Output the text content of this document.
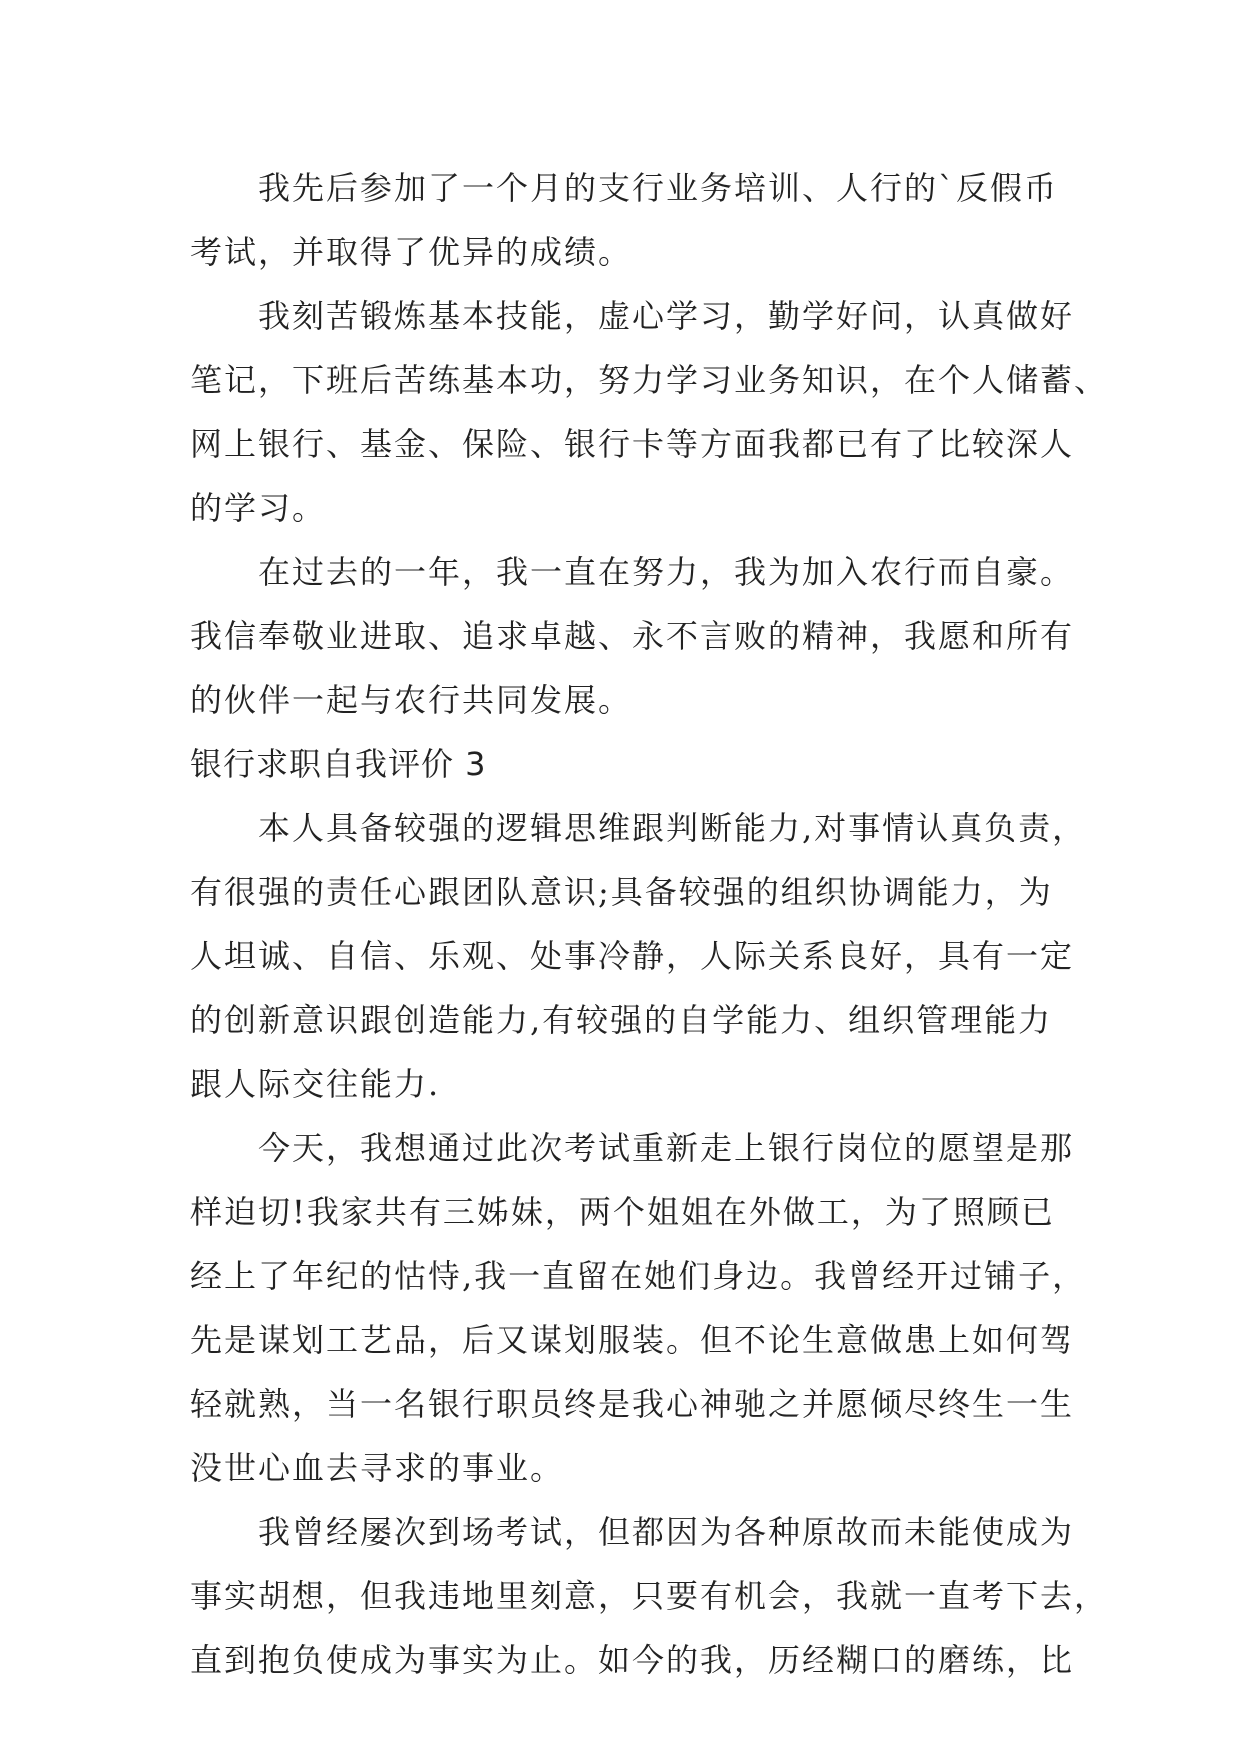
我先后参加了一个月的支行业务培训、人行的`反假币
考试，并取得了优异的成绩。
我刻苦锻炼基本技能，虚心学习，勤学好问，认真做好
笔记，下班后苦练基本功，努力学习业务知识，在个人储蓄、
网上银行、基金、保险、银行卡等方面我都已有了比较深人
的学习。
在过去的一年，我一直在努力，我为加入农行而自豪。
我信奉敬业进取、追求卓越、永不言败的精神，我愿和所有
的伙伴一起与农行共同发展。
银行求职自我评价 3
本人具备较强的逻辑思维跟判断能力,对事情认真负责，
有很强的责任心跟团队意识;具备较强的组织协调能力，为
人坦诚、自信、乐观、处事冷静，人际关系良好，具有一定
的创新意识跟创造能力,有较强的自学能力、组织管理能力
跟人际交往能力.
今天，我想通过此次考试重新走上银行岗位的愿望是那
样迫切!我家共有三姊妹，两个姐姐在外做工，为了照顾已
经上了年纪的怙恃,我一直留在她们身边。我曾经开过铺子，
先是谋划工艺品，后又谋划服装。但不论生意做患上如何驾
轻就熟，当一名银行职员终是我心神驰之并愿倾尽终生一生
没世心血去寻求的事业。
我曾经屡次到场考试，但都因为各种原故而未能使成为
事实胡想，但我违地里刻意，只要有机会，我就一直考下去，
直到抱负使成为事实为止。如今的我，历经糊口的磨练，比
